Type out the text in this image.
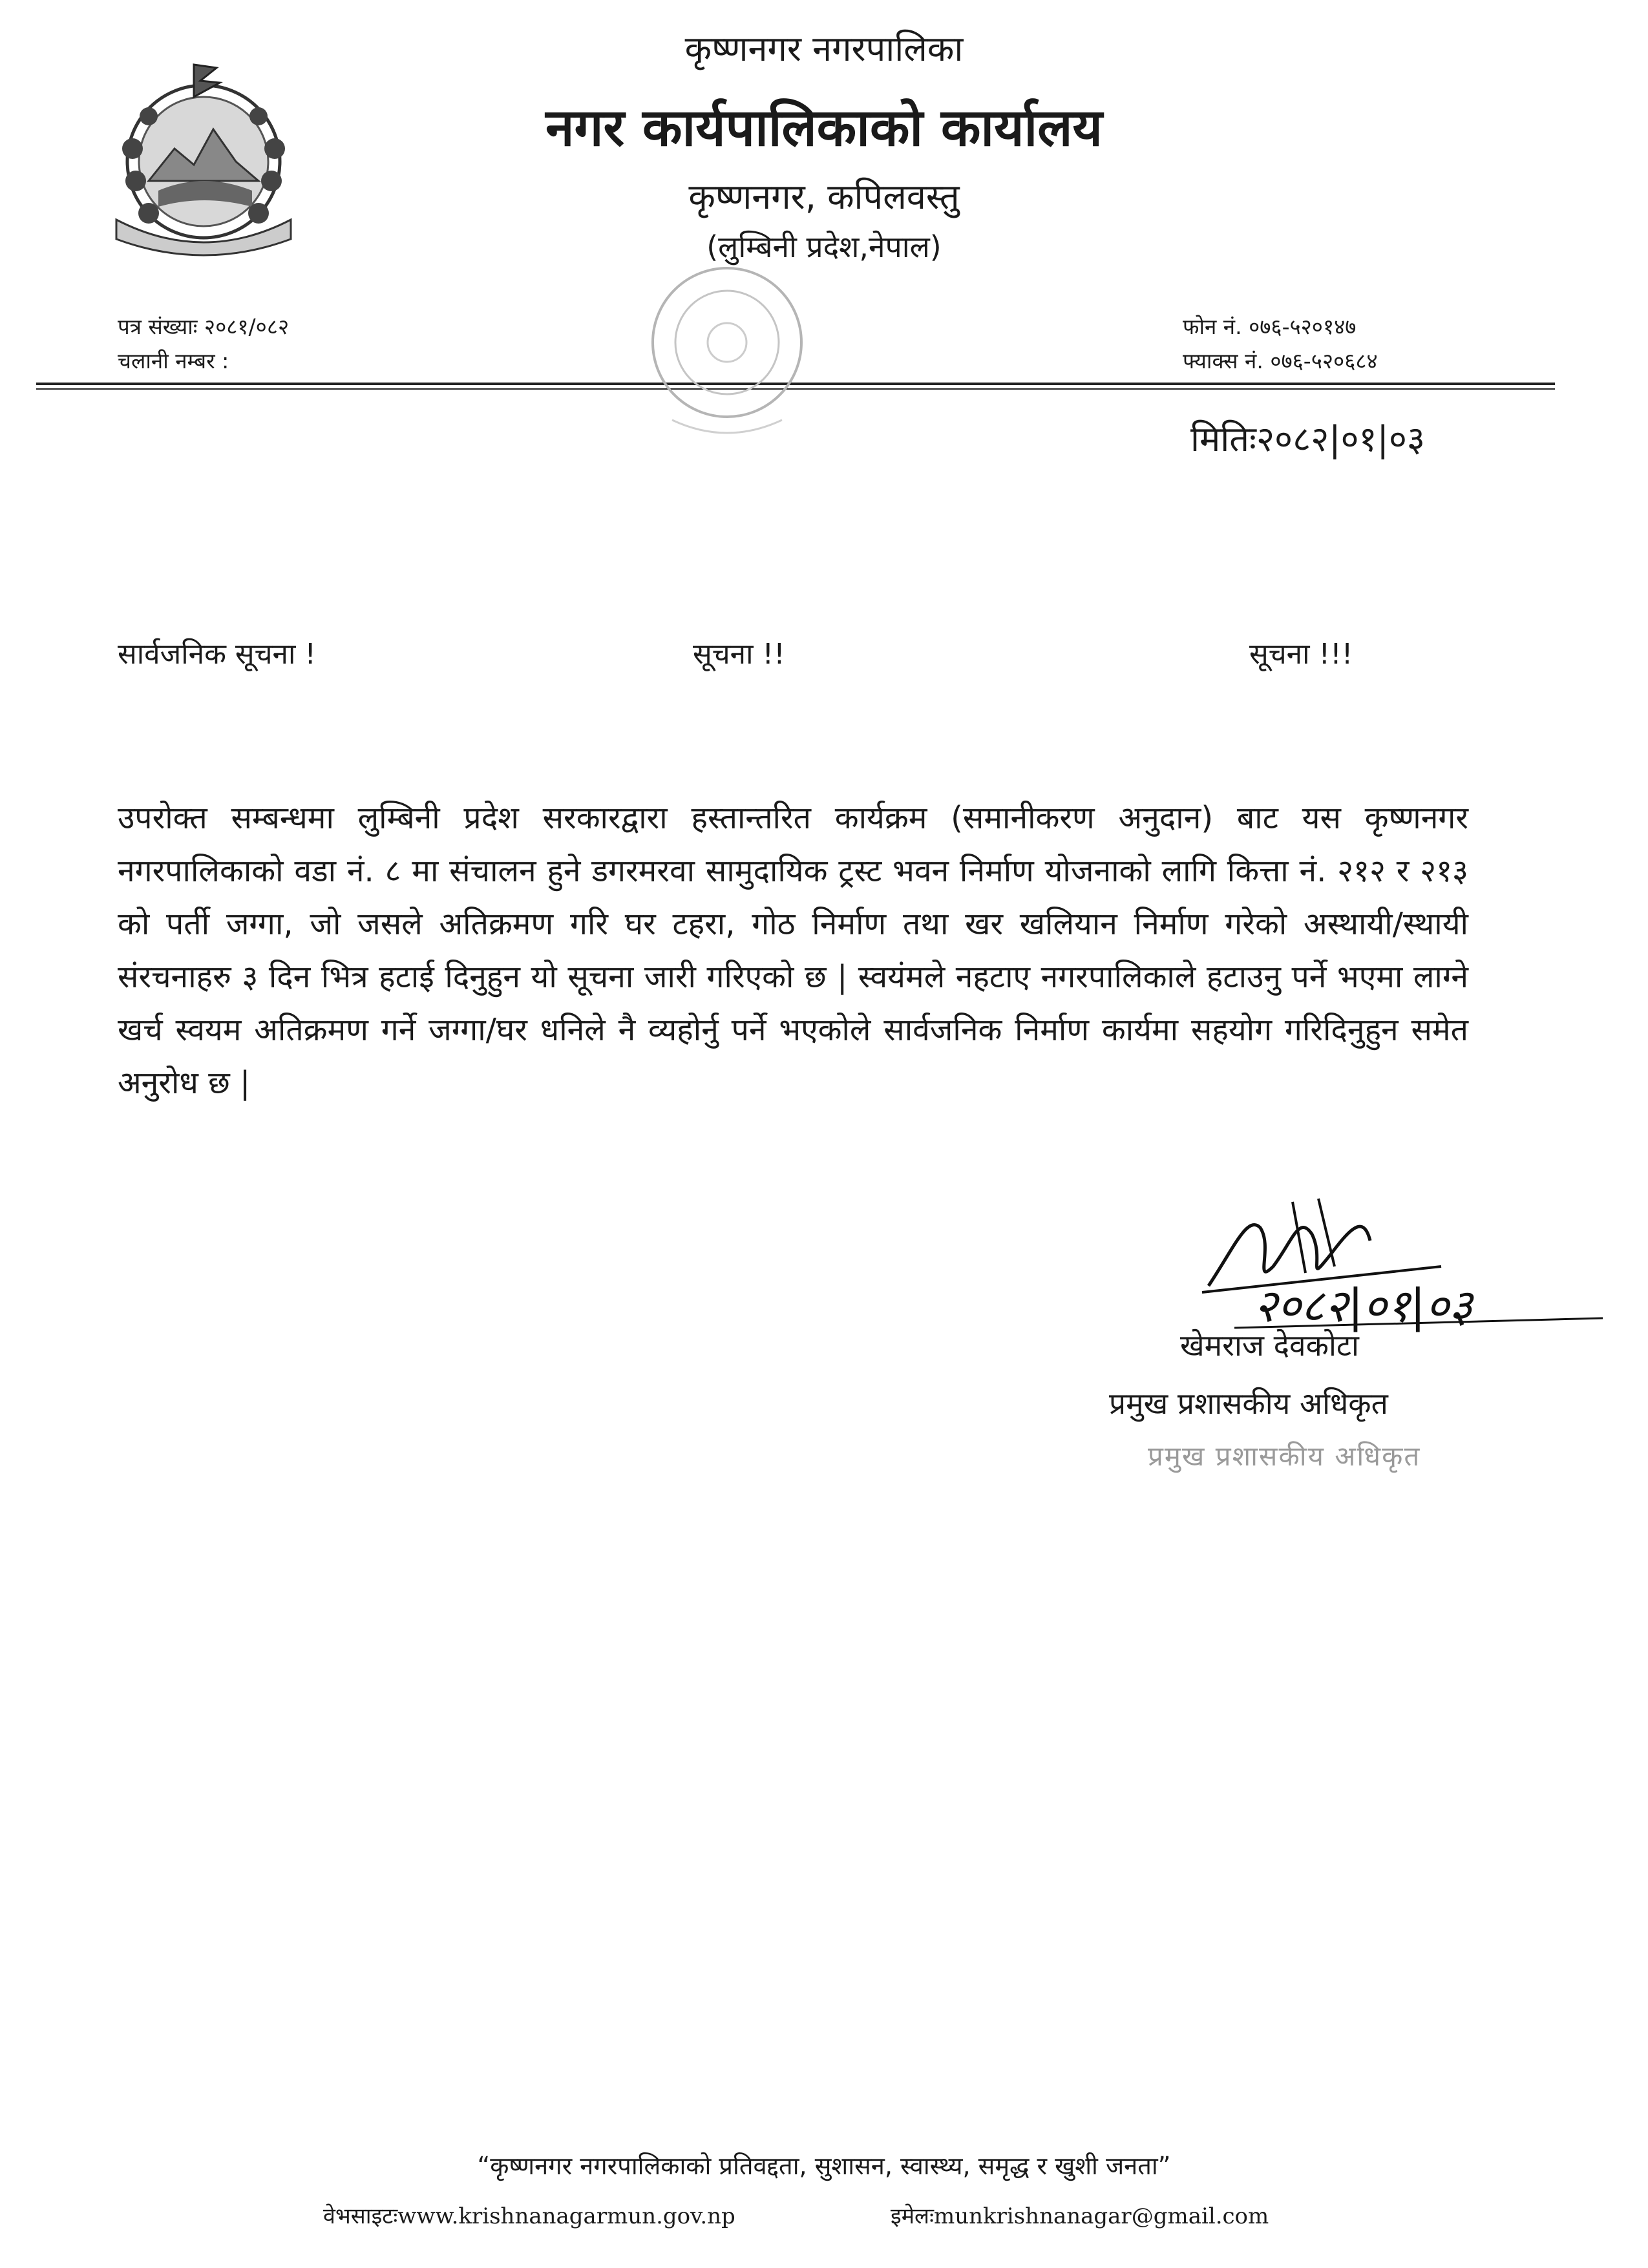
कृष्णनगर नगरपालिका
नगर कार्यपालिकाको कार्यालय
कृष्णनगर, कपिलवस्तु
(लुम्बिनी प्रदेश,नेपाल)
पत्र संख्याः २०८१/०८२
चलानी नम्बर :
फोन नं. ०७६-५२०१४७
फ्याक्स नं. ०७६-५२०६८४
मितिः२०८२|०१|०३
सार्वजनिक सूचना !	सूचना !!	सूचना !!!
उपरोक्त सम्बन्धमा लुम्बिनी प्रदेश सरकारद्वारा हस्तान्तरित कार्यक्रम (समानीकरण अनुदान) बाट यस कृष्णनगर नगरपालिकाको वडा नं. ८ मा संचालन हुने डगरमरवा सामुदायिक ट्रस्ट भवन निर्माण योजनाको लागि कित्ता नं. २१२ र २१३ को पर्ती जग्गा, जो जसले अतिक्रमण गरि घर टहरा, गोठ निर्माण तथा खर खलियान निर्माण गरेको अस्थायी/स्थायी संरचनाहरु ३ दिन भित्र हटाई दिनुहुन यो सूचना जारी गरिएको छ | स्वयंमले नहटाए नगरपालिकाले हटाउनु पर्ने भएमा लाग्ने खर्च स्वयम अतिक्रमण गर्ने जग्गा/घर धनिले नै व्यहोर्नु पर्ने भएकोले सार्वजनिक निर्माण कार्यमा सहयोग गरिदिनुहुन समेत अनुरोध छ |
२०८२|०१|०३
खेमराज देवकोटा
प्रमुख प्रशासकीय अधिकृत
प्रमुख प्रशासकीय अधिकृत
“कृष्णनगर नगरपालिकाको प्रतिवद्दता, सुशासन, स्वास्थ्य, समृद्ध र खुशी जनता”
वेभसाइटःwww.krishnanagarmun.gov.np	इमेलःmunkrishnanagar@gmail.com
